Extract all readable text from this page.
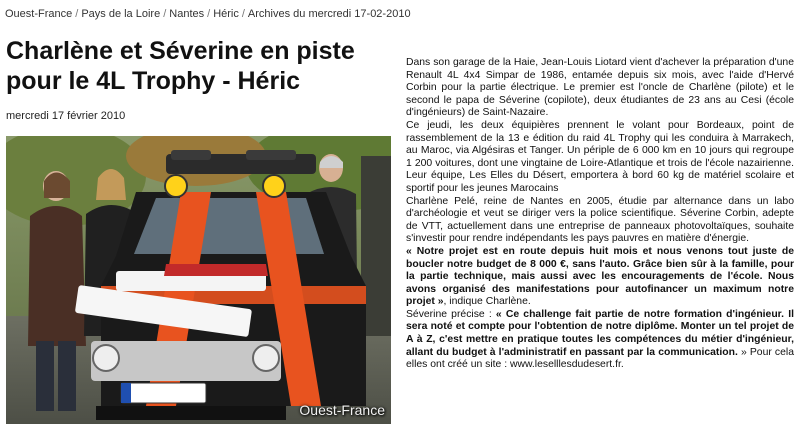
Ouest-France / Pays de la Loire / Nantes / Héric / Archives du mercredi 17-02-2010
Charlène et Séverine en piste pour le 4L Trophy - Héric
mercredi 17 février 2010
Ouest-France

Dans son garage de la Haie, Jean-Louis Liotard vient d'achever la préparation d'une Renault 4L 4x4 Simpar de 1986, entamée depuis six mois, avec l'aide d'Hervé Corbin pour la partie électrique. Le premier est l'oncle de Charlène (pilote) et le second le papa de Séverine (copilote), deux étudiantes de 23 ans au Cesi (école d'ingénieurs) de Saint-Nazaire.

Ce jeudi, les deux équipières prennent le volant pour Bordeaux, point de rassemblement de la 13 e édition du raid 4L Trophy qui les conduira à Marrakech, au Maroc, via Algésiras et Tanger. Un périple de 6 000 km en 10 jours qui regroupe 1 200 voitures, dont une vingtaine de Loire-Atlantique et trois de l'école nazairienne. Leur équipe, Les Elles du Désert, emportera à bord 60 kg de matériel scolaire et sportif pour les jeunes Marocains

Charlène Pelé, reine de Nantes en 2005, étudie par alternance dans un labo d'archéologie et veut se diriger vers la police scientifique. Séverine Corbin, adepte de VTT, actuellement dans une entreprise de panneaux photovoltaïques, souhaite s'investir pour rendre indépendants les pays pauvres en matière d'énergie.

« Notre projet est en route depuis huit mois et nous venons tout juste de boucler notre budget de 8 000 €, sans l'auto. Grâce bien sûr à la famille, pour la partie technique, mais aussi avec les encouragements de l'école. Nous avons organisé des manifestations pour autofinancer un maximum notre projet », indique Charlène.

Séverine précise : « Ce challenge fait partie de notre formation d'ingénieur. Il sera noté et compte pour l'obtention de notre diplôme. Monter un tel projet de A à Z, c'est mettre en pratique toutes les compétences du métier d'ingénieur, allant du budget à l'administratif en passant par la communication. » Pour cela elles ont créé un site : www.leselllesdudesert.fr.
